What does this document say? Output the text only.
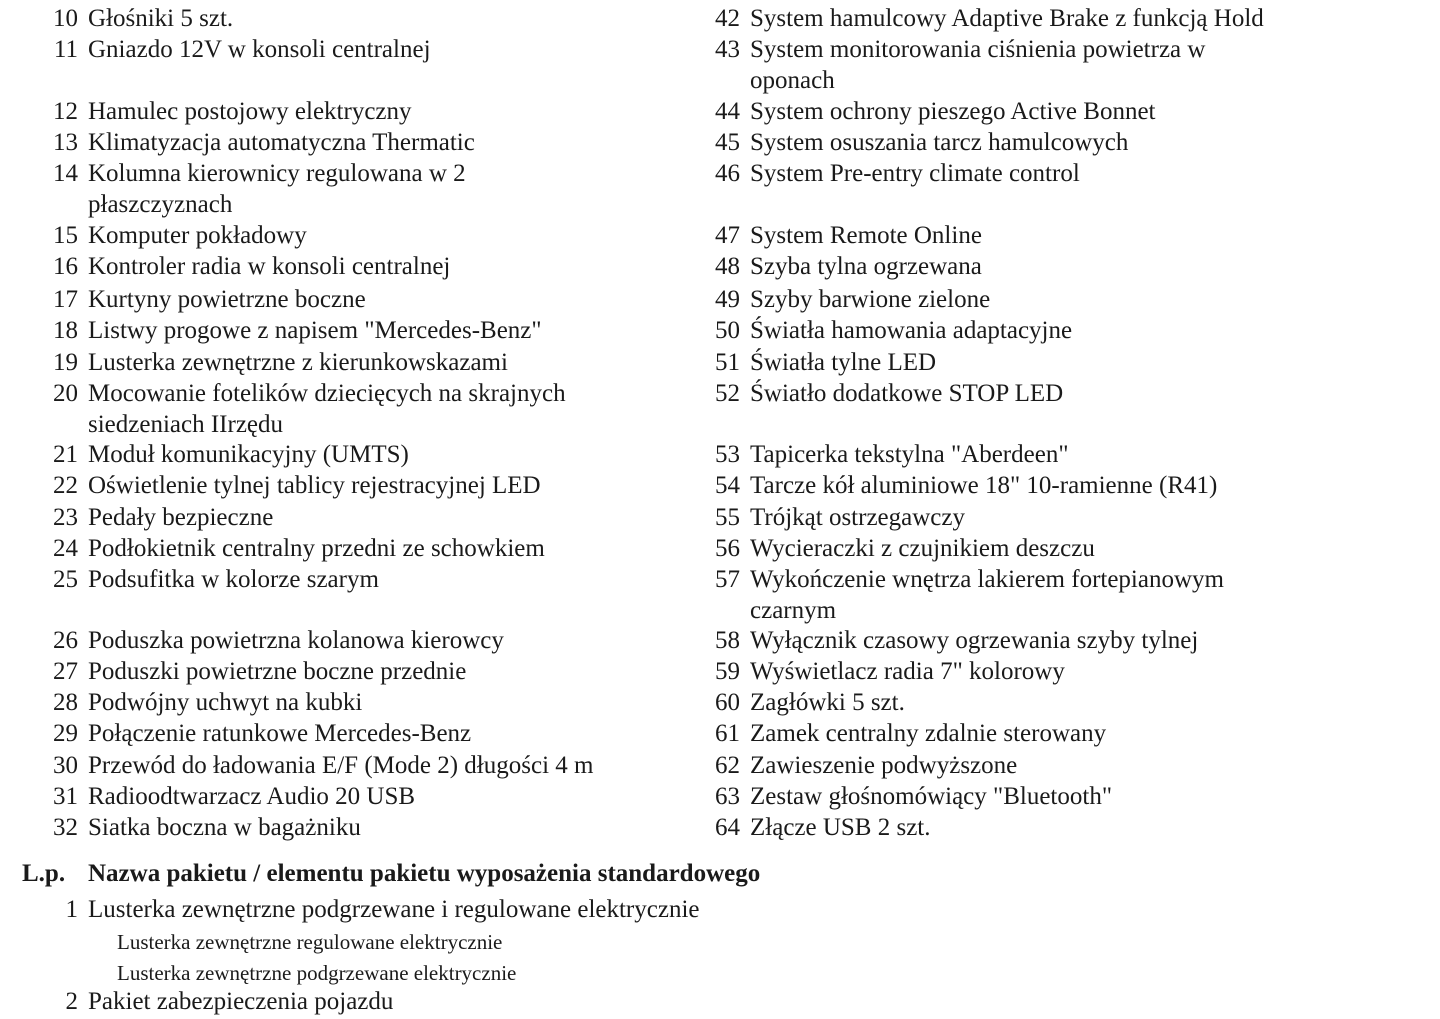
10 Głośniki 5 szt.
11 Gniazdo 12V w konsoli centralnej
12 Hamulec postojowy elektryczny
13 Klimatyzacja automatyczna Thermatic
14 Kolumna kierownicy regulowana w 2
płaszczyznach
15 Komputer pokładowy
16 Kontroler radia w konsoli centralnej
17 Kurtyny powietrzne boczne
18 Listwy progowe z napisem "Mercedes-Benz"
19 Lusterka zewnętrzne z kierunkowskazami
20 Mocowanie fotelików dziecięcych na skrajnych
siedzeniach IIrzędu
21 Moduł komunikacyjny (UMTS)
22 Oświetlenie tylnej tablicy rejestracyjnej LED
23 Pedały bezpieczne
24 Podłokietnik centralny przedni ze schowkiem
25 Podsufitka w kolorze szarym
26 Poduszka powietrzna kolanowa kierowcy
27 Poduszki powietrzne boczne przednie
28 Podwójny uchwyt na kubki
29 Połączenie ratunkowe Mercedes-Benz
30 Przewód do ładowania E/F (Mode 2) długości 4 m
31 Radioodtwarzacz Audio 20 USB
32 Siatka boczna w bagażniku
42 System hamulcowy Adaptive Brake z funkcją Hold
43 System monitorowania ciśnienia powietrza w
oponach
44 System ochrony pieszego Active Bonnet
45 System osuszania tarcz hamulcowych
46 System Pre-entry climate control
47 System Remote Online
48 Szyba tylna ogrzewana
49 Szyby barwione zielone
50 Światła hamowania adaptacyjne
51 Światła tylne LED
52 Światło dodatkowe STOP LED
53 Tapicerka tekstylna "Aberdeen"
54 Tarcze kół aluminiowe 18" 10-ramienne (R41)
55 Trójkąt ostrzegawczy
56 Wycieraczki z czujnikiem deszczu
57 Wykończenie wnętrza lakierem fortepianowym
czarnym
58 Wyłącznik czasowy ogrzewania szyby tylnej
59 Wyświetlacz radia 7" kolorowy
60 Zagłówki 5 szt.
61 Zamek centralny zdalnie sterowany
62 Zawieszenie podwyższone
63 Zestaw głośnomówiący "Bluetooth"
64 Złącze USB 2 szt.
L.p. Nazwa pakietu / elementu pakietu wyposażenia standardowego
1 Lusterka zewnętrzne podgrzewane i regulowane elektrycznie
Lusterka zewnętrzne regulowane elektrycznie
Lusterka zewnętrzne podgrzewane elektrycznie
2 Pakiet zabezpieczenia pojazdu
